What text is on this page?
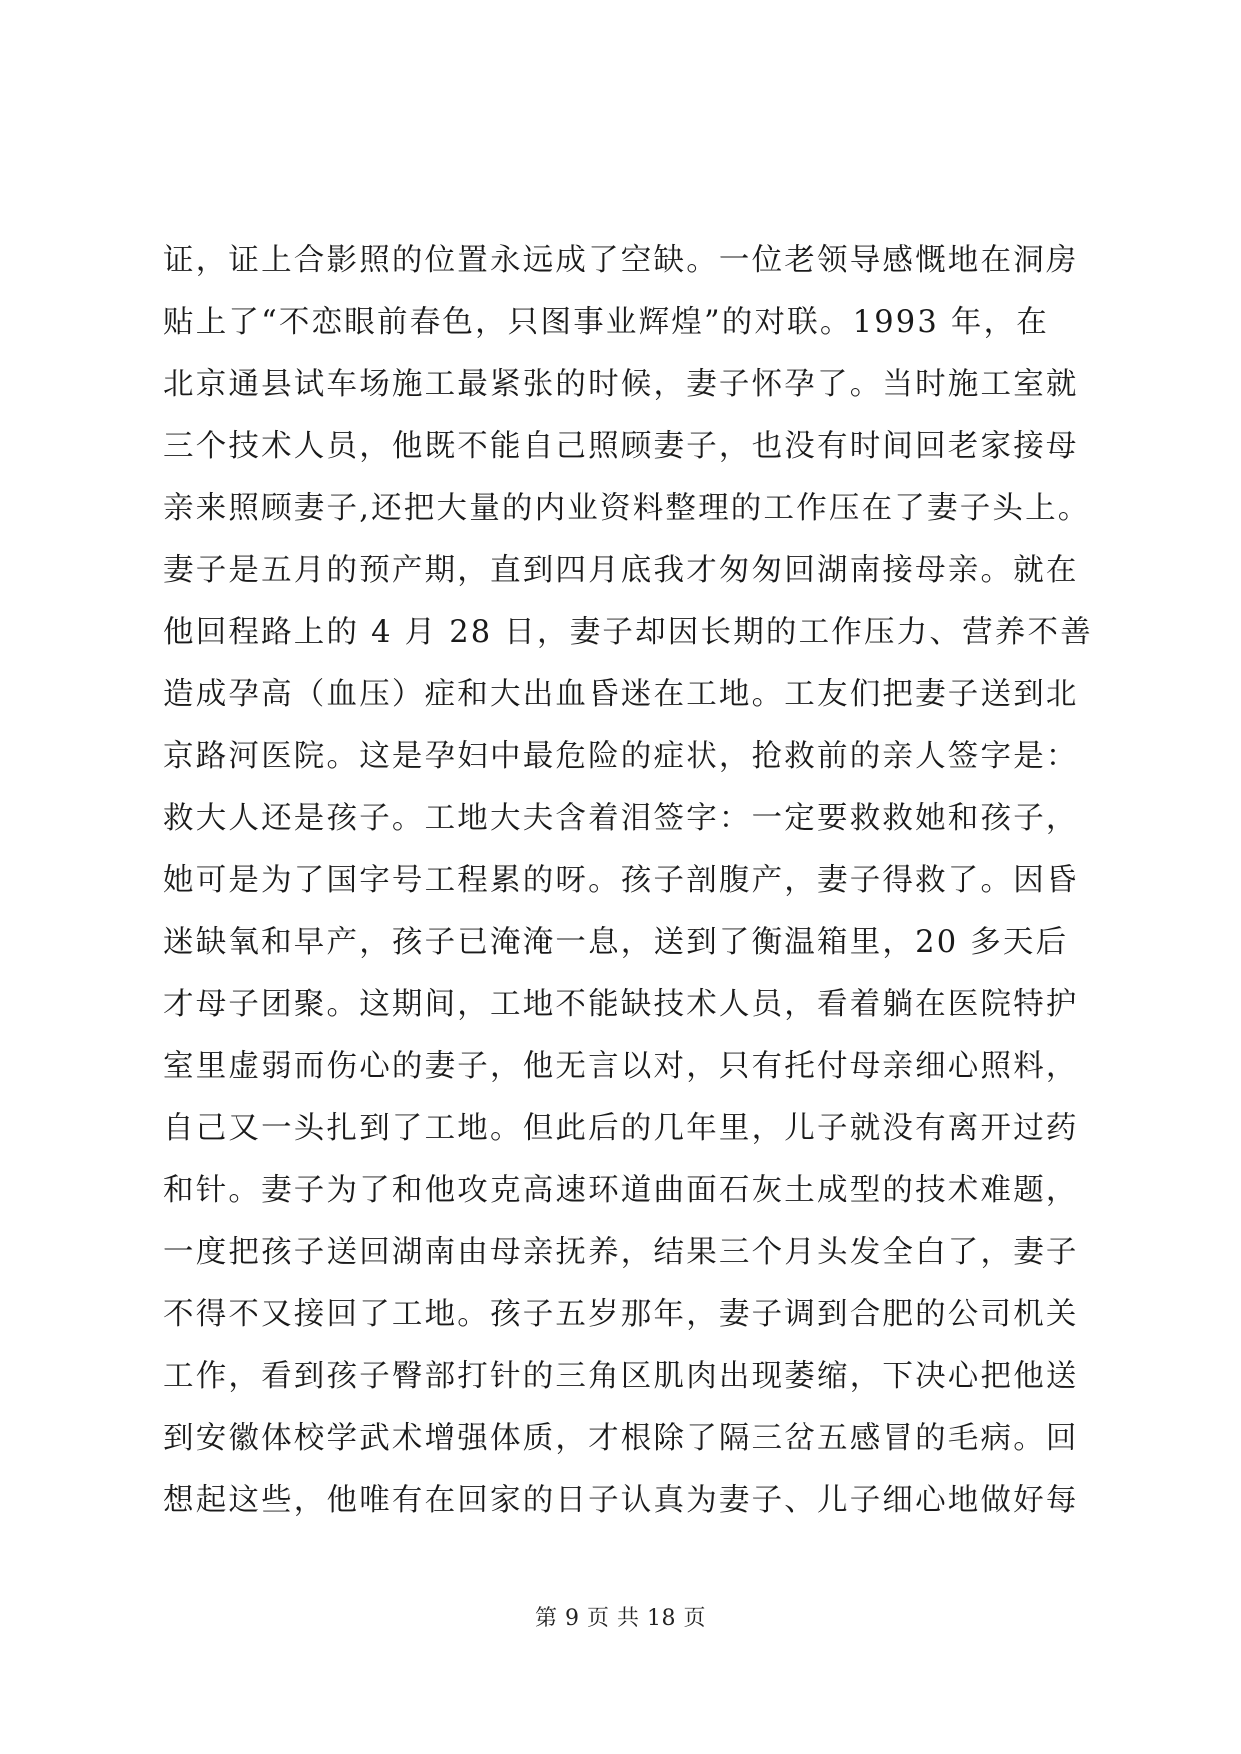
证，证上合影照的位置永远成了空缺。一位老领导感慨地在洞房
贴上了“不恋眼前春色，只图事业辉煌”的对联。1993 年，在
北京通县试车场施工最紧张的时候，妻子怀孕了。当时施工室就
三个技术人员，他既不能自己照顾妻子，也没有时间回老家接母
亲来照顾妻子,还把大量的内业资料整理的工作压在了妻子头上。
妻子是五月的预产期，直到四月底我才匆匆回湖南接母亲。就在
他回程路上的 4 月 28 日，妻子却因长期的工作压力、营养不善
造成孕高（血压）症和大出血昏迷在工地。工友们把妻子送到北
京路河医院。这是孕妇中最危险的症状，抢救前的亲人签字是：
救大人还是孩子。工地大夫含着泪签字：一定要救救她和孩子，
她可是为了国字号工程累的呀。孩子剖腹产，妻子得救了。因昏
迷缺氧和早产，孩子已淹淹一息，送到了衡温箱里，20 多天后
才母子团聚。这期间，工地不能缺技术人员，看着躺在医院特护
室里虚弱而伤心的妻子，他无言以对，只有托付母亲细心照料，
自己又一头扎到了工地。但此后的几年里，儿子就没有离开过药
和针。妻子为了和他攻克高速环道曲面石灰土成型的技术难题，
一度把孩子送回湖南由母亲抚养，结果三个月头发全白了，妻子
不得不又接回了工地。孩子五岁那年，妻子调到合肥的公司机关
工作，看到孩子臀部打针的三角区肌肉出现萎缩，下决心把他送
到安徽体校学武术增强体质，才根除了隔三岔五感冒的毛病。回
想起这些，他唯有在回家的日子认真为妻子、儿子细心地做好每
第 9 页 共 18 页
